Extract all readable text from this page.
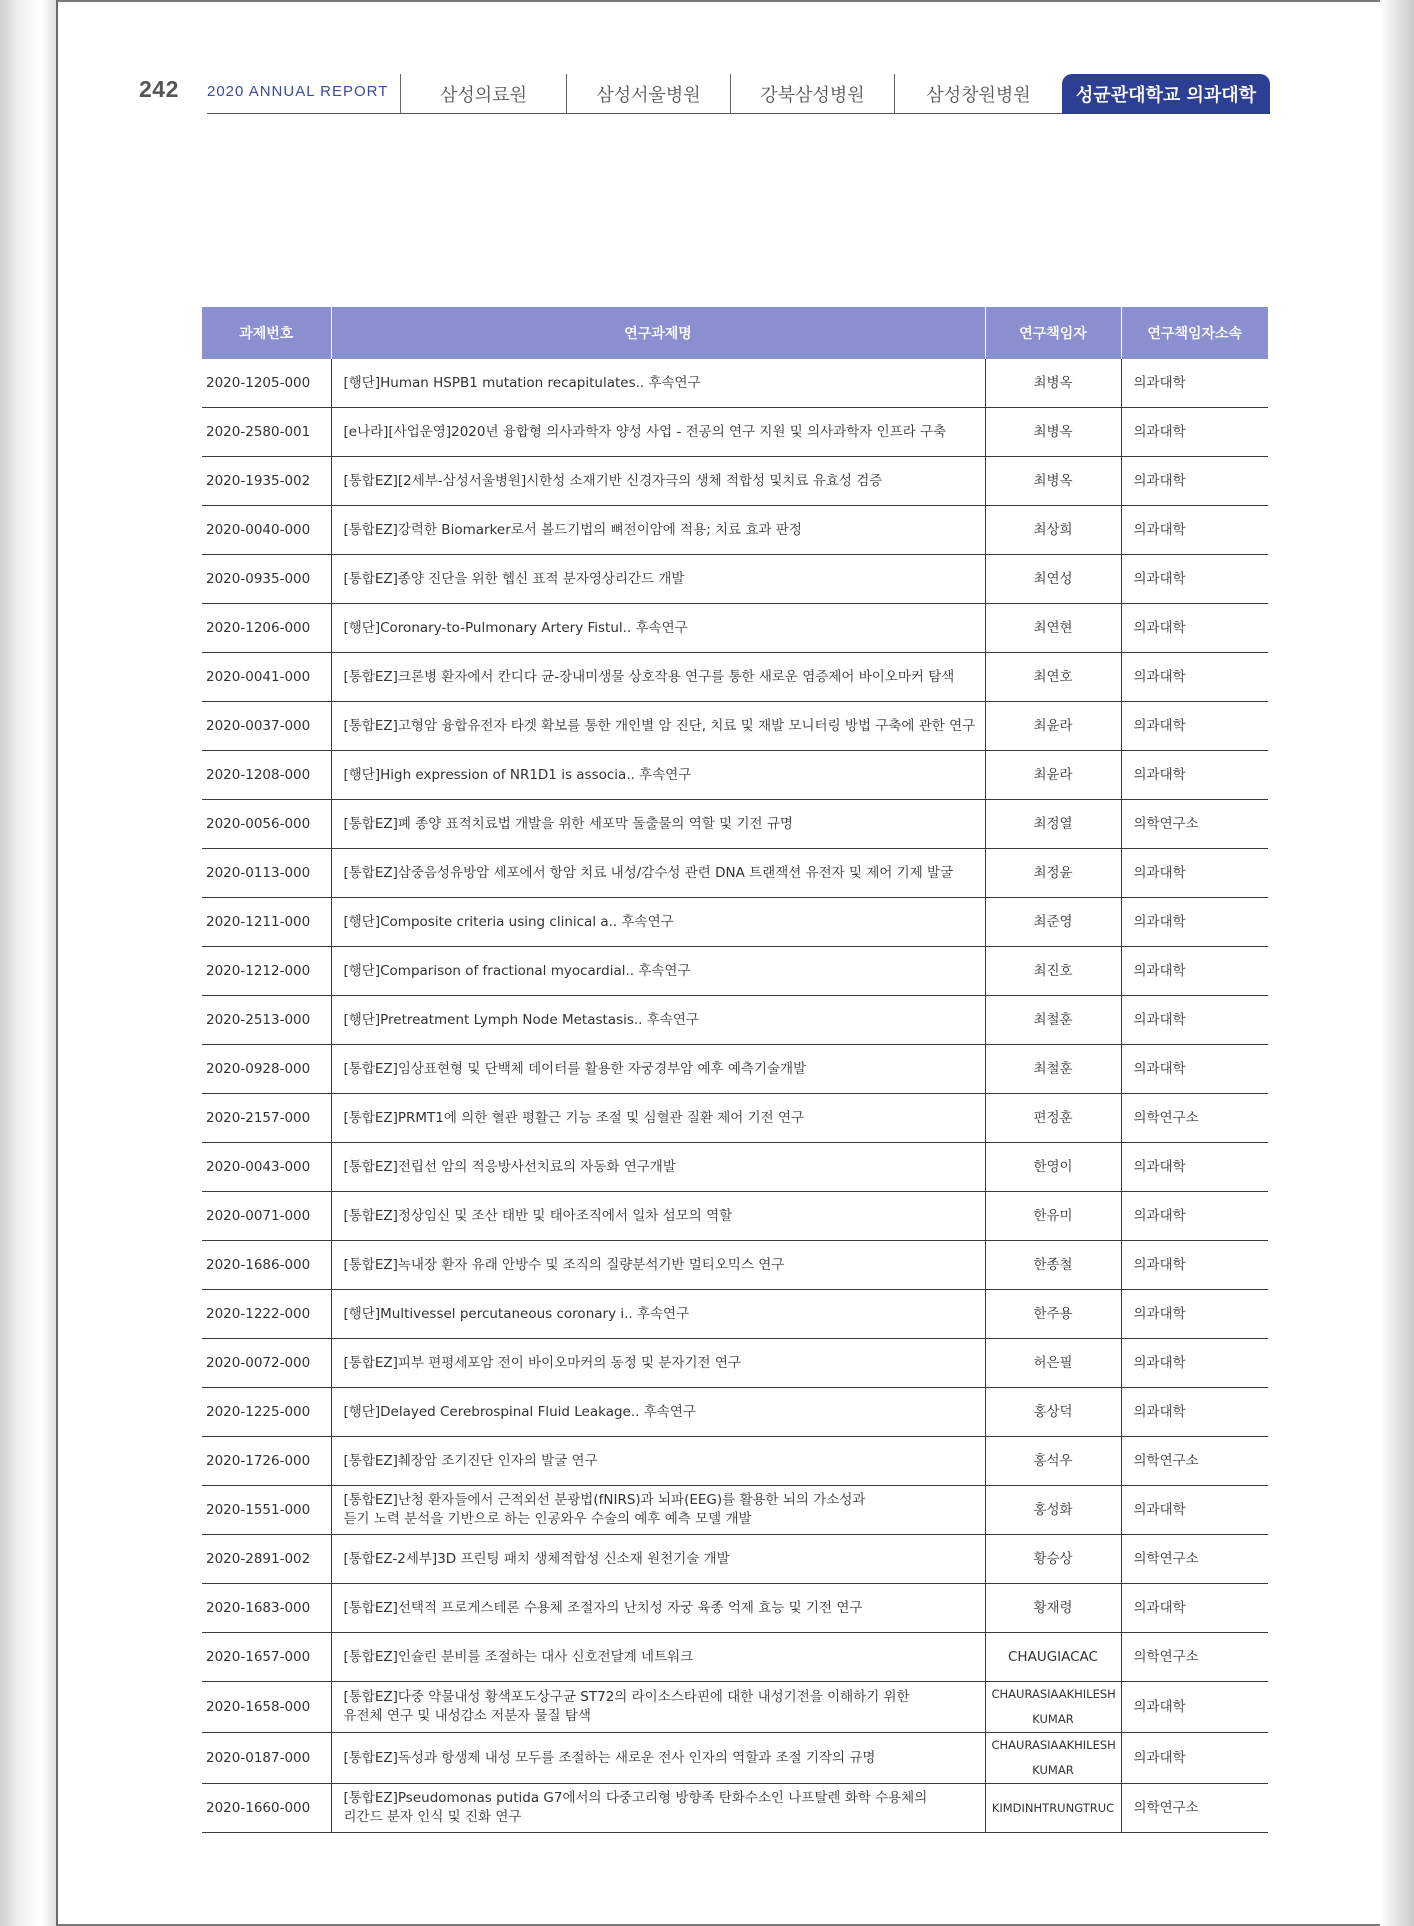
242 2020 ANNUAL REPORT	삼성의료원	삼성서울병원	강북삼성병원	삼성창원병원	성균관대학교 의과대학
과제번호	연구과제명	연구책임자	연구책임자소속
2020-1205-000	[행단]Human HSPB1 mutation recapitulates.. 후속연구	최병옥	의과대학
2020-2580-001	[e나라][사업운영]2020년 융합형 의사과학자 양성 사업 - 전공의 연구 지원 및 의사과학자 인프라 구축	최병옥	의과대학
2020-1935-002	[통합EZ][2세부-삼성서울병원]시한성 소재기반 신경자극의 생체 적합성 및치료 유효성 검증	최병옥	의과대학
2020-0040-000	[통합EZ]강력한 Biomarker로서 볼드기법의 뼈전이암에 적용; 치료 효과 판정	최상희	의과대학
2020-0935-000	[통합EZ]종양 진단을 위한 헵신 표적 분자영상리간드 개발	최연성	의과대학
2020-1206-000	[행단]Coronary-to-Pulmonary Artery Fistul.. 후속연구	최연현	의과대학
2020-0041-000	[통합EZ]크론병 환자에서 칸디다 균-장내미생물 상호작용 연구를 통한 새로운 염증제어 바이오마커 탐색	최연호	의과대학
2020-0037-000	[통합EZ]고형암 융합유전자 타겟 확보를 통한 개인별 암 진단, 치료 및 재발 모니터링 방법 구축에 관한 연구	최윤라	의과대학
2020-1208-000	[행단]High expression of NR1D1 is associa.. 후속연구	최윤라	의과대학
2020-0056-000	[통합EZ]폐 종양 표적치료법 개발을 위한 세포막 돌출물의 역할 및 기전 규명	최정열	의학연구소
2020-0113-000	[통합EZ]삼중음성유방암 세포에서 항암 치료 내성/감수성 관련 DNA 트랜잭션 유전자 및 제어 기제 발굴	최정윤	의과대학
2020-1211-000	[행단]Composite criteria using clinical a.. 후속연구	최준영	의과대학
2020-1212-000	[행단]Comparison of fractional myocardial.. 후속연구	최진호	의과대학
2020-2513-000	[행단]Pretreatment Lymph Node Metastasis.. 후속연구	최철훈	의과대학
2020-0928-000	[통합EZ]임상표현형 및 단백체 데이터를 활용한 자궁경부암 예후 예측기술개발	최철훈	의과대학
2020-2157-000	[통합EZ]PRMT1에 의한 혈관 평활근 기능 조절 및 심혈관 질환 제어 기전 연구	편정훈	의학연구소
2020-0043-000	[통합EZ]전립선 암의 적응방사선치료의 자동화 연구개발	한영이	의과대학
2020-0071-000	[통합EZ]정상임신 및 조산 태반 및 태아조직에서 일차 섬모의 역할	한유미	의과대학
2020-1686-000	[통합EZ]녹내장 환자 유래 안방수 및 조직의 질량분석기반 멀티오믹스 연구	한종철	의과대학
2020-1222-000	[행단]Multivessel percutaneous coronary i.. 후속연구	한주용	의과대학
2020-0072-000	[통합EZ]피부 편평세포암 전이 바이오마커의 동정 및 분자기전 연구	허은필	의과대학
2020-1225-000	[행단]Delayed Cerebrospinal Fluid Leakage.. 후속연구	홍상덕	의과대학
2020-1726-000	[통합EZ]췌장암 조기진단 인자의 발굴 연구	홍석우	의학연구소
2020-1551-000	[통합EZ]난청 환자들에서 근적외선 분광법(fNIRS)과 뇌파(EEG)를 활용한 뇌의 가소성과
듣기 노력 분석을 기반으로 하는 인공와우 수술의 예후 예측 모델 개발	홍성화	의과대학
2020-2891-002	[통합EZ-2세부]3D 프린팅 패치 생체적합성 신소재 원천기술 개발	황승상	의학연구소
2020-1683-000	[통합EZ]선택적 프로게스테론 수용체 조절자의 난치성 자궁 육종 억제 효능 및 기전 연구	황재령	의과대학
2020-1657-000	[통합EZ]인슐린 분비를 조절하는 대사 신호전달계 네트워크	CHAUGIACAC	의학연구소
2020-1658-000	[통합EZ]다중 약물내성 황색포도상구균 ST72의 라이소스타핀에 대한 내성기전을 이해하기 위한
유전체 연구 및 내성감소 저분자 물질 탐색	CHAURASIAAKHILESH
KUMAR	의과대학
2020-0187-000	[통합EZ]독성과 항생제 내성 모두를 조절하는 새로운 전사 인자의 역할과 조절 기작의 규명	CHAURASIAAKHILESH
KUMAR	의과대학
2020-1660-000	[통합EZ]Pseudomonas putida G7에서의 다중고리형 방향족 탄화수소인 나프탈렌 화학 수용체의
리간드 분자 인식 및 진화 연구	KIMDINHTRUNGTRUC	의학연구소
